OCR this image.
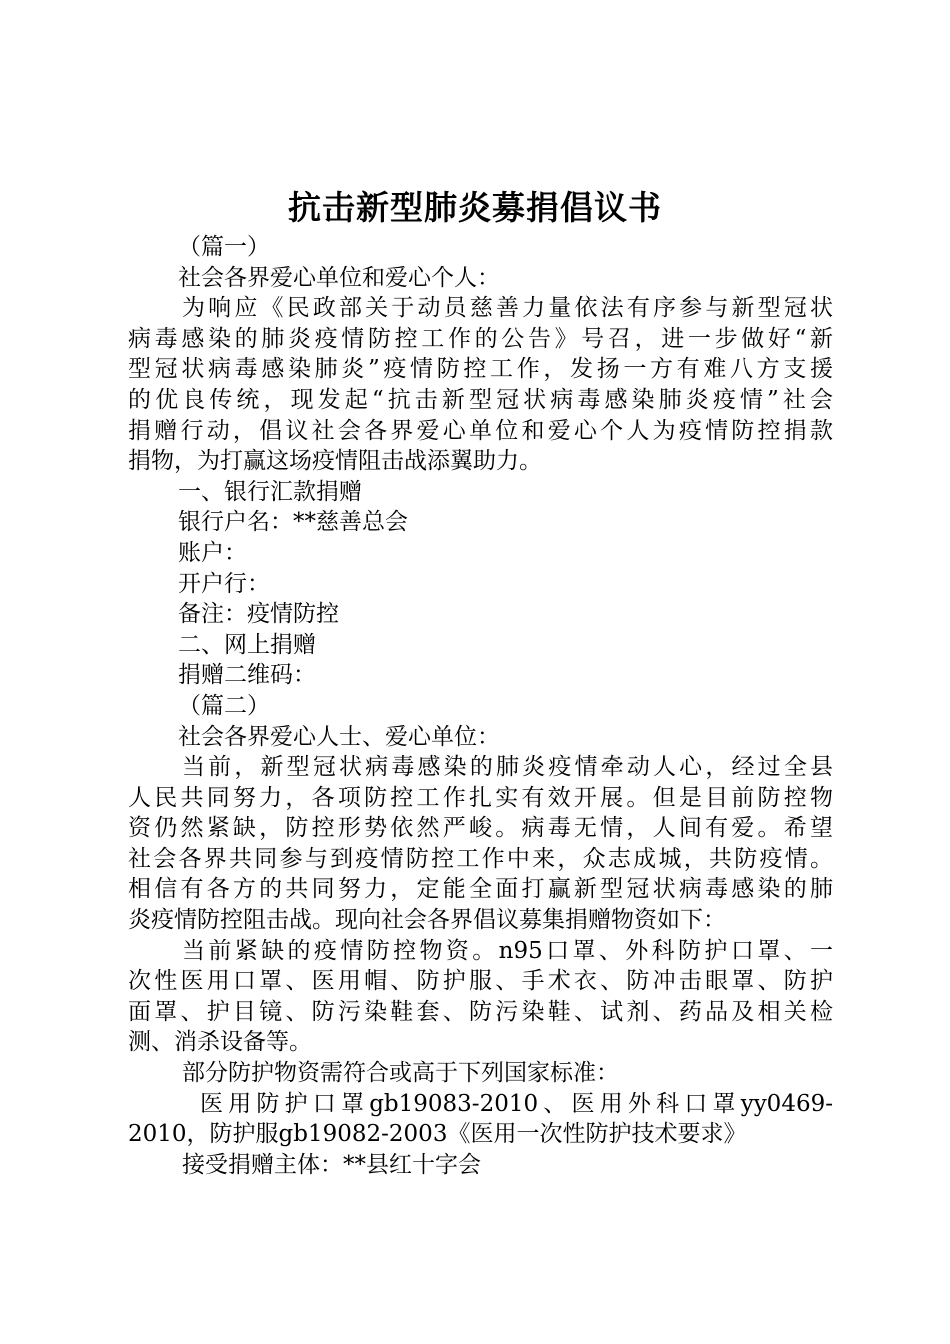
抗击新型肺炎募捐倡议书
（篇一）
社会各界爱心单位和爱心个人：
为响应《民政部关于动员慈善力量依法有序参与新型冠状
病毒感染的肺炎疫情防控工作的公告》号召，进一步做好“新
型冠状病毒感染肺炎”疫情防控工作，发扬一方有难八方支援
的优良传统，现发起“抗击新型冠状病毒感染肺炎疫情”社会
捐赠行动，倡议社会各界爱心单位和爱心个人为疫情防控捐款
捐物，为打赢这场疫情阻击战添翼助力。
一、银行汇款捐赠
银行户名：**慈善总会
账户：
开户行：
备注：疫情防控
二、网上捐赠
捐赠二维码：
（篇二）
社会各界爱心人士、爱心单位：
当前，新型冠状病毒感染的肺炎疫情牵动人心，经过全县
人民共同努力，各项防控工作扎实有效开展。但是目前防控物
资仍然紧缺，防控形势依然严峻。病毒无情，人间有爱。希望
社会各界共同参与到疫情防控工作中来，众志成城，共防疫情。
相信有各方的共同努力，定能全面打赢新型冠状病毒感染的肺
炎疫情防控阻击战。现向社会各界倡议募集捐赠物资如下：
当前紧缺的疫情防控物资。n95口罩、外科防护口罩、一
次性医用口罩、医用帽、防护服、手术衣、防冲击眼罩、防护
面罩、护目镜、防污染鞋套、防污染鞋、试剂、药品及相关检
测、消杀设备等。
部分防护物资需符合或高于下列国家标准：
医用防护口罩gb19083-2010、医用外科口罩yy0469-
2010，防护服gb19082-2003《医用一次性防护技术要求》
接受捐赠主体：**县红十字会
